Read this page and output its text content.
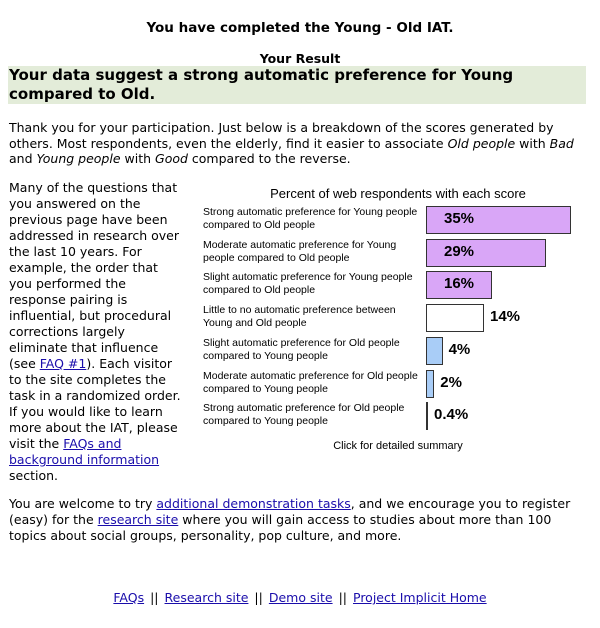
You have completed the Young - Old IAT.
Your Result
Your data suggest a strong automatic preference for Young compared to Old.
Thank you for your participation. Just below is a breakdown of the scores generated by others. Most respondents, even the elderly, find it easier to associate Old people with Bad and Young people with Good compared to the reverse.
Many of the questions that you answered on the previous page have been addressed in research over the last 10 years. For example, the order that you performed the response pairing is influential, but procedural corrections largely eliminate that influence (see FAQ #1). Each visitor to the site completes the task in a randomized order. If you would like to learn more about the IAT, please visit the FAQs and background information section.
Percent of web respondents with each score
Click for detailed summary
Strong automatic preference for Young people compared to Old people	35%
Moderate automatic preference for Young people compared to Old people	29%
Slight automatic preference for Young people compared to Old people	16%
Little to no automatic preference between Young and Old people	14%
Slight automatic preference for Old people compared to Young people	4%
Moderate automatic preference for Old people compared to Young people	2%
Strong automatic preference for Old people compared to Young people	0.4%
You are welcome to try additional demonstration tasks, and we encourage you to register (easy) for the research site where you will gain access to studies about more than 100 topics about social groups, personality, pop culture, and more.
FAQs || Research site || Demo site || Project Implicit Home
